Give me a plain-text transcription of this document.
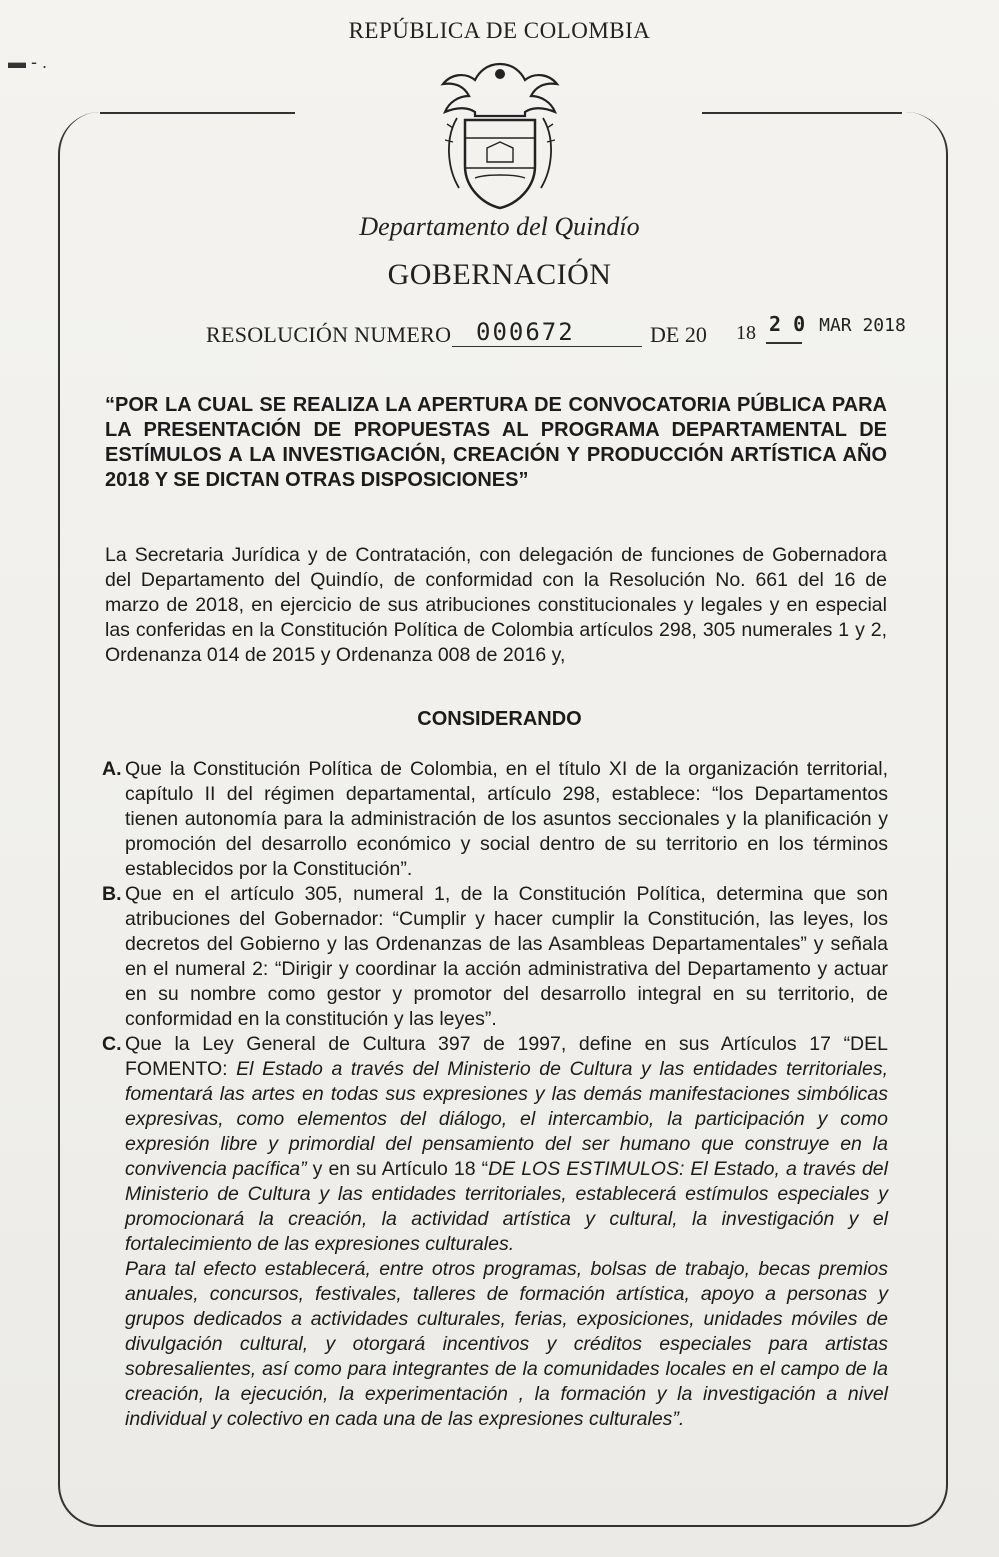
▬ ‐ .
REPÚBLICA DE COLOMBIA
Departamento del Quindío
GOBERNACIÓN
RESOLUCIÓN NUMERO	000672	DE 20 18 2 0 MAR 2018
“POR LA CUAL SE REALIZA LA APERTURA DE CONVOCATORIA PÚBLICA PARA LA PRESENTACIÓN DE PROPUESTAS AL PROGRAMA DEPARTAMENTAL DE ESTÍMULOS A LA INVESTIGACIÓN, CREACIÓN Y PRODUCCIÓN ARTÍSTICA AÑO 2018 Y SE DICTAN OTRAS DISPOSICIONES”
La Secretaria Jurídica y de Contratación, con delegación de funciones de Gobernadora del Departamento del Quindío, de conformidad con la Resolución No. 661 del 16 de marzo de 2018, en ejercicio de sus atribuciones constitucionales y legales y en especial las conferidas en la Constitución Política de Colombia artículos 298, 305 numerales 1 y 2, Ordenanza 014 de 2015 y Ordenanza 008 de 2016 y,
CONSIDERANDO
A. Que la Constitución Política de Colombia, en el título XI de la organización territorial, capítulo II del régimen departamental, artículo 298, establece: “los Departamentos tienen autonomía para la administración de los asuntos seccionales y la planificación y promoción del desarrollo económico y social dentro de su territorio en los términos establecidos por la Constitución”.
B. Que en el artículo 305, numeral 1, de la Constitución Política, determina que son atribuciones del Gobernador: “Cumplir y hacer cumplir la Constitución, las leyes, los decretos del Gobierno y las Ordenanzas de las Asambleas Departamentales” y señala en el numeral 2: “Dirigir y coordinar la acción administrativa del Departamento y actuar en su nombre como gestor y promotor del desarrollo integral en su territorio, de conformidad en la constitución y las leyes”.
C. Que la Ley General de Cultura 397 de 1997, define en sus Artículos 17 “DEL FOMENTO: El Estado a través del Ministerio de Cultura y las entidades territoriales, fomentará las artes en todas sus expresiones y las demás manifestaciones simbólicas expresivas, como elementos del diálogo, el intercambio, la participación y como expresión libre y primordial del pensamiento del ser humano que construye en la convivencia pacífica” y en su Artículo 18 “DE LOS ESTIMULOS: El Estado, a través del Ministerio de Cultura y las entidades territoriales, establecerá estímulos especiales y promocionará la creación, la actividad artística y cultural, la investigación y el fortalecimiento de las expresiones culturales.
Para tal efecto establecerá, entre otros programas, bolsas de trabajo, becas premios anuales, concursos, festivales, talleres de formación artística, apoyo a personas y grupos dedicados a actividades culturales, ferias, exposiciones, unidades móviles de divulgación cultural, y otorgará incentivos y créditos especiales para artistas sobresalientes, así como para integrantes de la comunidades locales en el campo de la creación, la ejecución, la experimentación , la formación y la investigación a nivel individual y colectivo en cada una de las expresiones culturales”.
